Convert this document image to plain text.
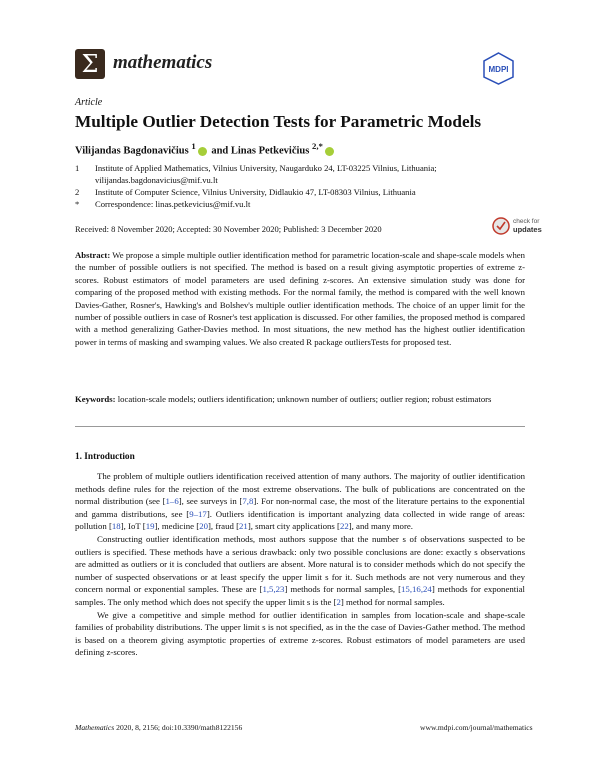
Σ mathematics	MDPI
Article
Multiple Outlier Detection Tests for Parametric Models
Vilijandas Bagdonavičius $^1$ and Linas Petkevičius $^{2,*}$
1 Institute of Applied Mathematics, Vilnius University, Naugarduko 24, LT-03225 Vilnius, Lithuania; vilijandas.bagdonavicius@mif.vu.lt
2 Institute of Computer Science, Vilnius University, Didlaukio 47, LT-08303 Vilnius, Lithuania
* Correspondence: linas.petkevicius@mif.vu.lt
Received: 8 November 2020; Accepted: 30 November 2020; Published: 3 December 2020
check for
updates
Abstract: We propose a simple multiple outlier identification method for parametric location-scale and shape-scale models when the number of possible outliers is not specified. The method is based on a result giving asymptotic properties of extreme z-scores. Robust estimators of model parameters are used defining z-scores. An extensive simulation study was done for comparing of the proposed method with existing methods. For the normal family, the method is compared with the well known Davies-Gather, Rosner's, Hawking's and Bolshev's multiple outlier identification methods. The choice of an upper limit for the number of possible outliers in case of Rosner's test application is discussed. For other families, the proposed method is compared with a method generalizing Gather-Davies method. In most situations, the new method has the highest outlier identification power in terms of masking and swamping values. We also created R package outliersTests for proposed test.
Keywords: location-scale models; outliers identification; unknown number of outliers; outlier region; robust estimators
1. Introduction

The problem of multiple outliers identification received attention of many authors. The majority of outlier identification methods define rules for the rejection of the most extreme observations. The bulk of publications are concentrated on the normal distribution (see [1–6], see surveys in [7,8]. For non-normal case, the most of the literature pertains to the exponential and gamma distributions, see [9–17]. Outliers identification is important analyzing data collected in wide range of areas: pollution [18], IoT [19], medicine [20], fraud [21], smart city applications [22], and many more.

Constructing outlier identification methods, most authors suppose that the number s of observations suspected to be outliers is specified. These methods have a serious drawback: only two possible conclusions are done: exactly s observations are admitted as outliers or it is concluded that outliers are absent. More natural is to consider methods which do not specify the number of suspected observations or at least specify the upper limit s for it. Such methods are not very numerous and they concern normal or exponential samples. These are [1,5,23] methods for normal samples, [15,16,24] methods for exponential samples. The only method which does not specify the upper limit s is the [2] method for normal samples.

We give a competitive and simple method for outlier identification in samples from location-scale and shape-scale families of probability distributions. The upper limit s is not specified, as in the the case of Davies-Gather method. The method is based on a theorem giving asymptotic properties of extreme z-scores. Robust estimators of model parameters are used defining z-scores.

Mathematics 2020, 8, 2156; doi:10.3390/math8122156	www.mdpi.com/journal/mathematics
